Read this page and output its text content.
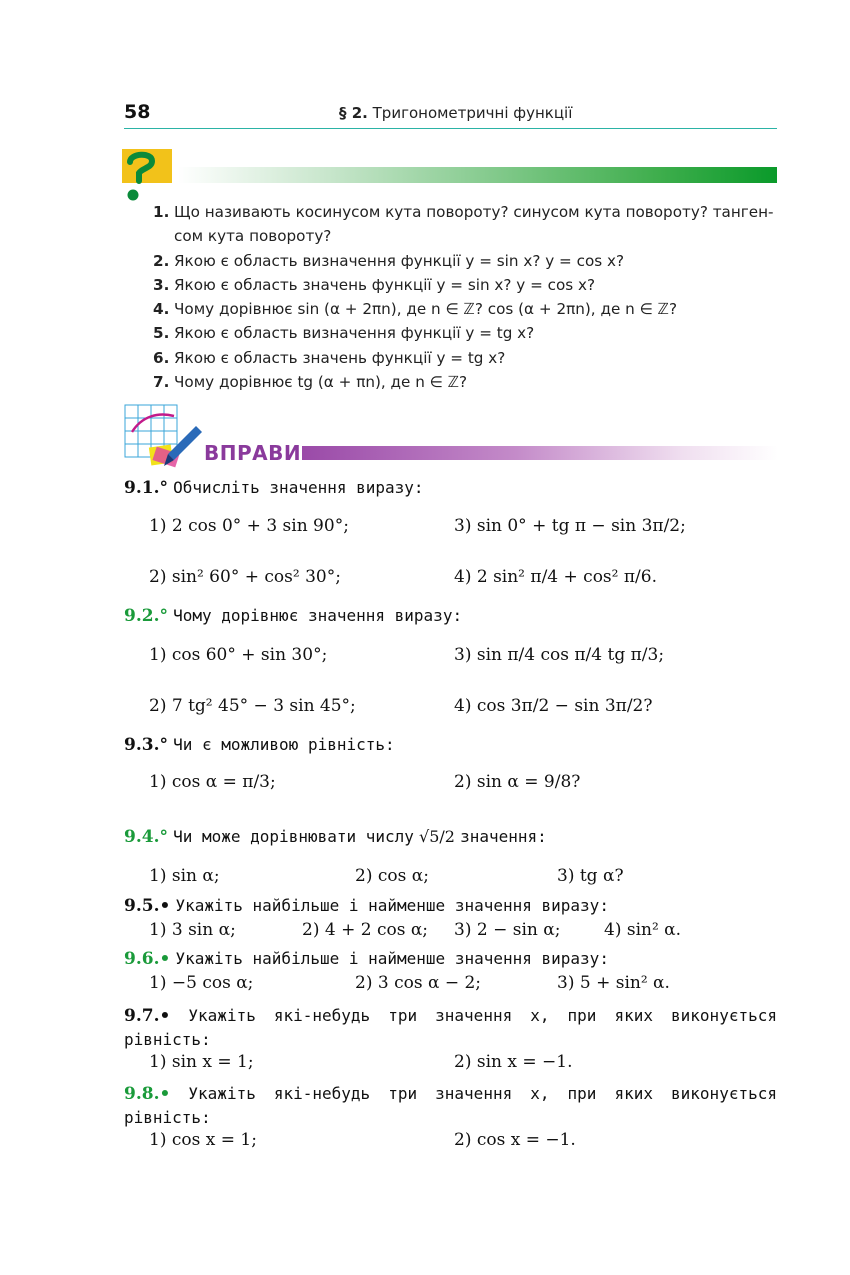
58	§ 2. Тригонометричні функції
1. Що називають косинусом кута повороту? синусом кута повороту? танген-сом кута повороту?
2. Якою є область визначення функції y = sin x? y = cos x?
3. Якою є область значень функції y = sin x? y = cos x?
4. Чому дорівнює sin (α + 2πn), де n ∈ ℤ? cos (α + 2πn), де n ∈ ℤ?
5. Якою є область визначення функції y = tg x?
6. Якою є область значень функції y = tg x?
7. Чому дорівнює tg (α + πn), де n ∈ ℤ?
ВПРАВИ
9.1.° Обчисліть значення виразу:
1) 2 cos 0° + 3 sin 90°;
2) sin² 60° + cos² 30°;
3) sin 0° + tg π − sin 3π/2;
4) 2 sin² π/4 + cos² π/6.
9.2.° Чому дорівнює значення виразу:
1) cos 60° + sin 30°;
2) 7 tg² 45° − 3 sin 45°;
3) sin π/4 cos π/4 tg π/3;
4) cos 3π/2 − sin 3π/2?
9.3.° Чи є можливою рівність:
1) cos α = π/3;	2) sin α = 9/8?
9.4.° Чи може дорівнювати числу √5/2 значення:
1) sin α;	2) cos α;	3) tg α?
9.5.• Укажіть найбільше і найменше значення виразу:
1) 3 sin α;	2) 4 + 2 cos α; 3) 2 − sin α;	4) sin² α.
9.6.• Укажіть найбільше і найменше значення виразу:
1) −5 cos α;	2) 3 cos α − 2;	3) 5 + sin² α.
9.7.• Укажіть які-небудь три значення x, при яких виконується рівність:
1) sin x = 1;	2) sin x = −1.
9.8.• Укажіть які-небудь три значення x, при яких виконується рівність:
1) cos x = 1;	2) cos x = −1.
